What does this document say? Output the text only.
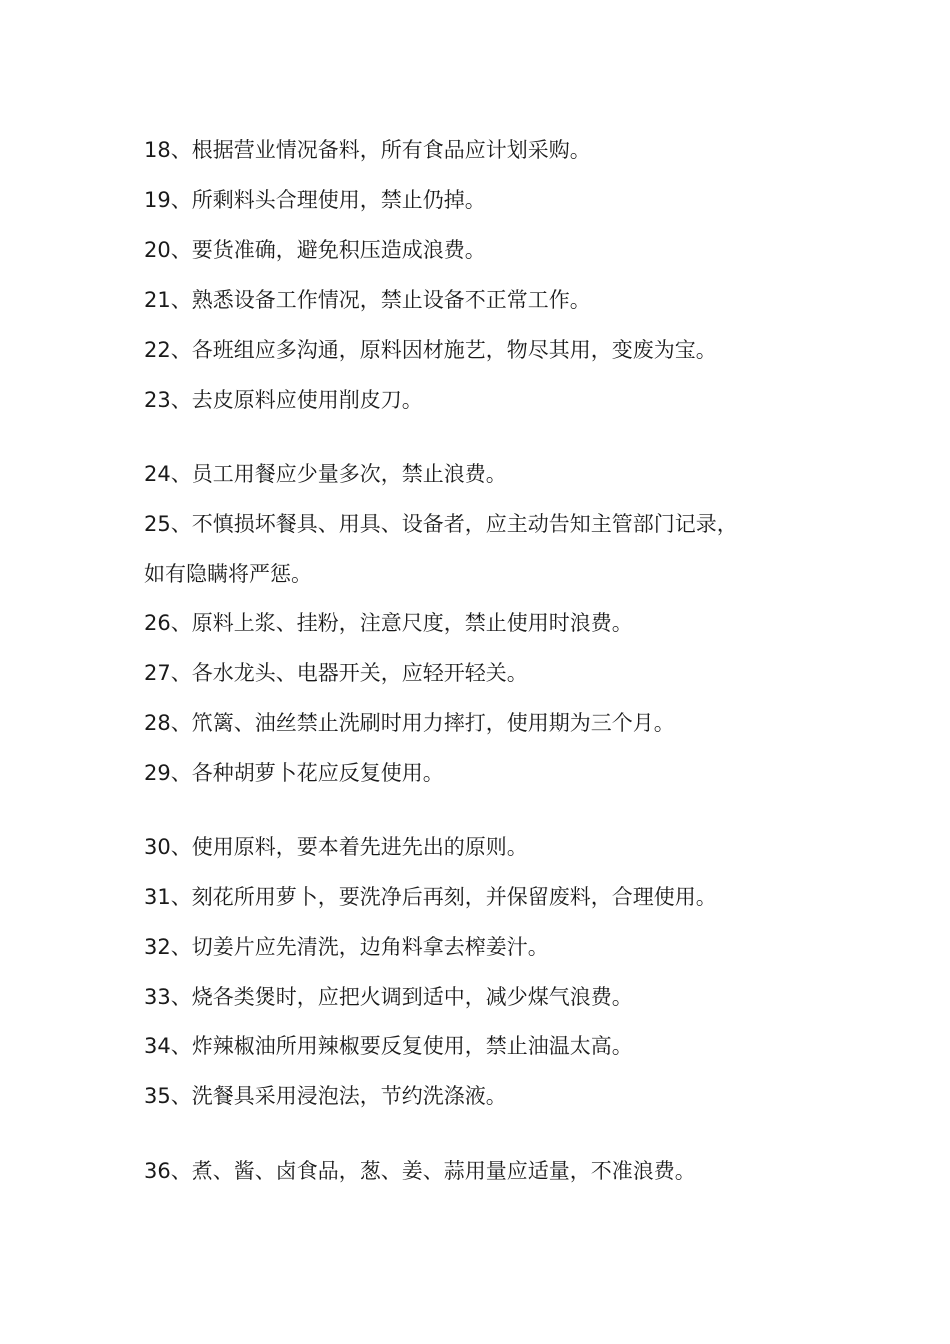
18、根据营业情况备料，所有食品应计划采购。
19、所剩料头合理使用，禁止仍掉。
20、要货准确，避免积压造成浪费。
21、熟悉设备工作情况，禁止设备不正常工作。
22、各班组应多沟通，原料因材施艺，物尽其用，变废为宝。
23、去皮原料应使用削皮刀。
24、员工用餐应少量多次，禁止浪费。
25、不慎损坏餐具、用具、设备者，应主动告知主管部门记录，
如有隐瞒将严惩。
26、原料上浆、挂粉，注意尺度，禁止使用时浪费。
27、各水龙头、电器开关，应轻开轻关。
28、笊篱、油丝禁止洗刷时用力摔打，使用期为三个月。
29、各种胡萝卜花应反复使用。
30、使用原料，要本着先进先出的原则。
31、刻花所用萝卜，要洗净后再刻，并保留废料，合理使用。
32、切姜片应先清洗，边角料拿去榨姜汁。
33、烧各类煲时，应把火调到适中，减少煤气浪费。
34、炸辣椒油所用辣椒要反复使用，禁止油温太高。
35、洗餐具采用浸泡法，节约洗涤液。
36、煮、酱、卤食品，葱、姜、蒜用量应适量，不准浪费。
